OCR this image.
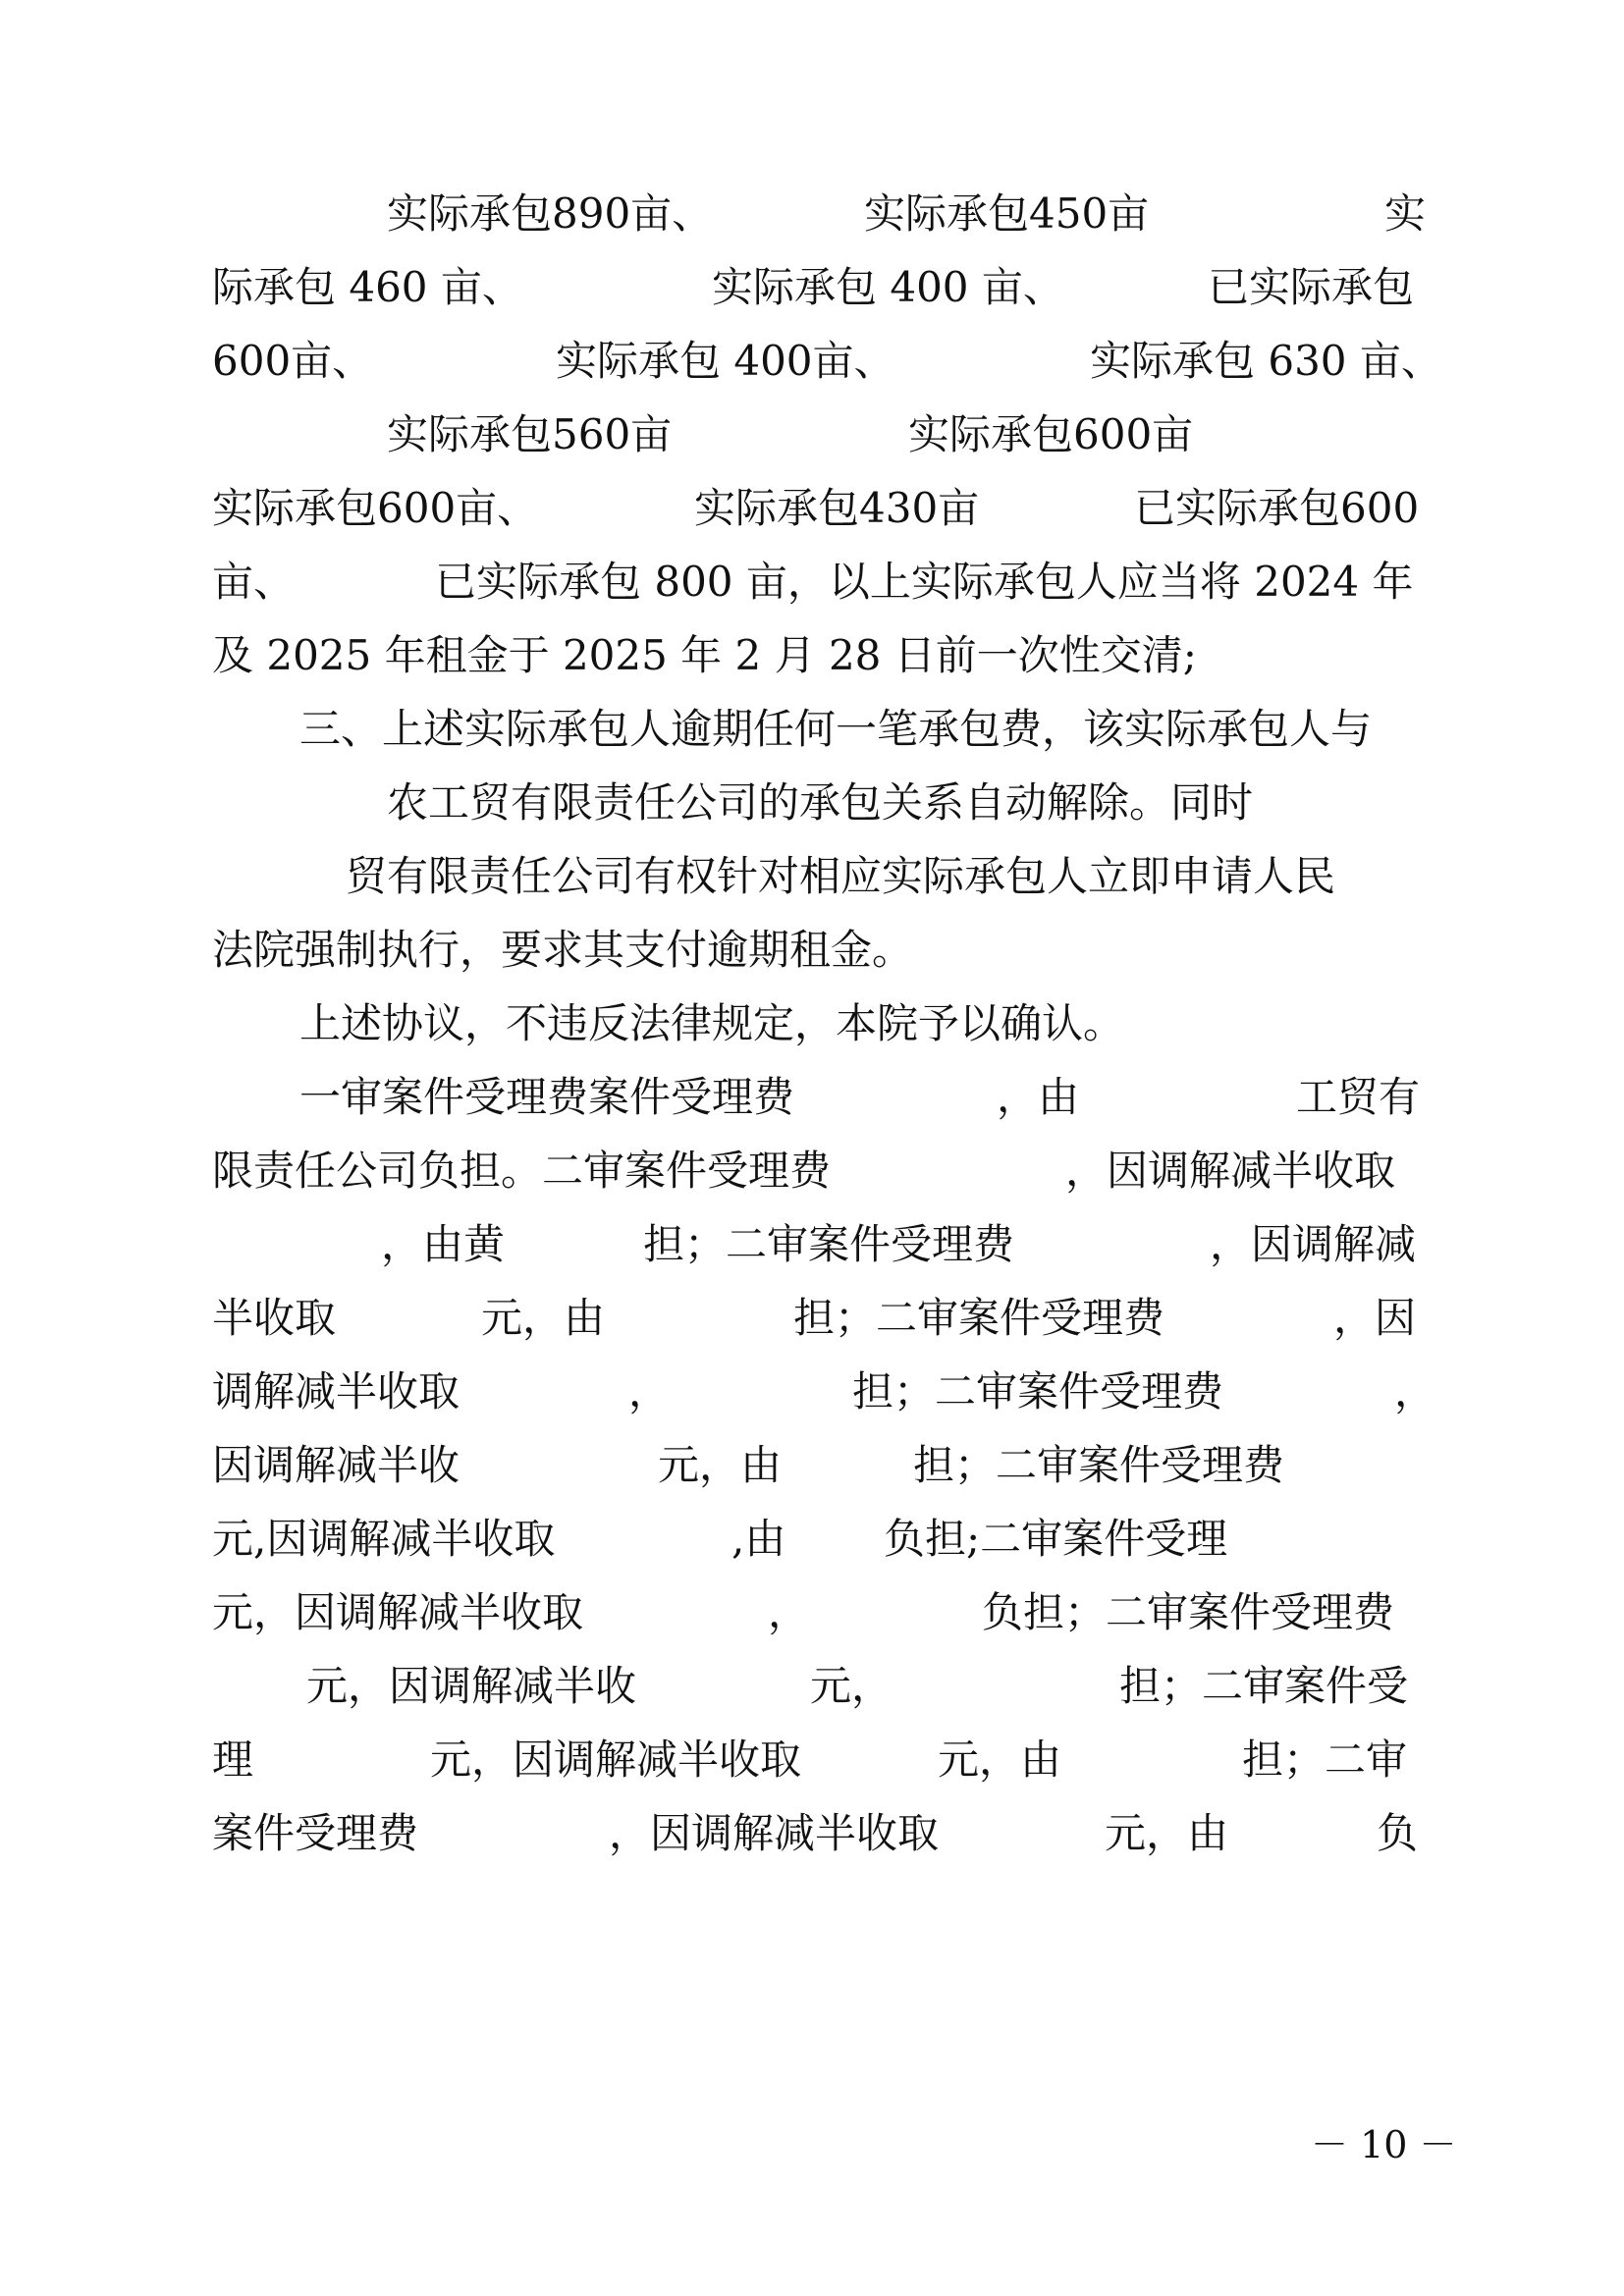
实际承包890亩、

	实际承包450亩

	实

际承包 460 亩、

	实际承包 400 亩、

	已实际承包

600亩、

	实际承包 400亩、

	实际承包 630 亩、

实际承包560亩

	实际承包600亩

实际承包600亩、

	实际承包430亩

	已实际承包600

亩、

	已实际承包 800 亩，以上实际承包人应当将 2024 年

及 2025 年租金于 2025 年 2 月 28 日前一次性交清;

三、上述实际承包人逾期任何一笔承包费，该实际承包人与

农工贸有限责任公司的承包关系自动解除。同时

贸有限责任公司有权针对相应实际承包人立即申请人民

法院强制执行，要求其支付逾期租金。

上述协议，不违反法律规定，本院予以确认。

一审案件受理费案件受理费

	，由

	工贸有

限责任公司负担。二审案件受理费

	，因调解减半收取

，由黄

	担；二审案件受理费

	，因调解减

半收取

	元，由

	担；二审案件受理费

	，因

调解减半收取

	，

	担；二审案件受理费

	，

因调解减半收

	元，由

	担；二审案件受理费

元,因调解减半收取

	,由

负担;二审案件受理

元，因调解减半收取

	，

	负担；二审案件受理费

元，因调解减半收

	元，

	担；二审案件受

理

	元，因调解减半收取

	元，由

	担；二审

案件受理费

	，因调解减半收取

	元，由

	负

－ 10 －
